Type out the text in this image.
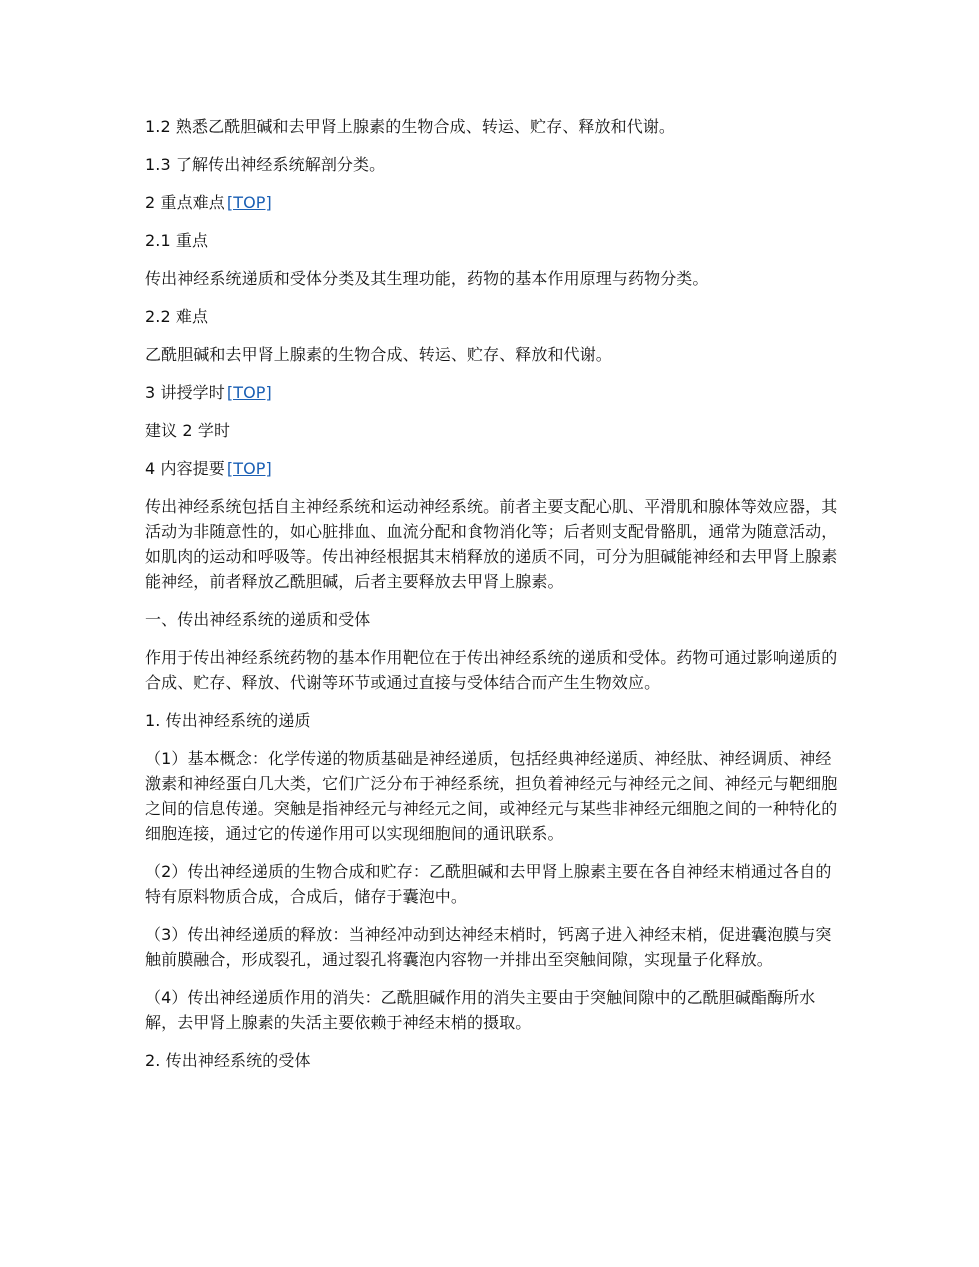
1.2 熟悉乙酰胆碱和去甲肾上腺素的生物合成、转运、贮存、释放和代谢。

1.3 了解传出神经系统解剖分类。

2 重点难点 [TOP]

2.1 重点

传出神经系统递质和受体分类及其生理功能，药物的基本作用原理与药物分类。

2.2 难点

乙酰胆碱和去甲肾上腺素的生物合成、转运、贮存、释放和代谢。

3 讲授学时 [TOP]

建议 2 学时

4 内容提要 [TOP]

传出神经系统包括自主神经系统和运动神经系统。前者主要支配心肌、平滑肌和腺体等效应器，其活动为非随意性的，如心脏排血、血流分配和食物消化等；后者则支配骨骼肌，通常为随意活动，如肌肉的运动和呼吸等。传出神经根据其末梢释放的递质不同，可分为胆碱能神经和去甲肾上腺素能神经，前者释放乙酰胆碱，后者主要释放去甲肾上腺素。

一、传出神经系统的递质和受体

作用于传出神经系统药物的基本作用靶位在于传出神经系统的递质和受体。药物可通过影响递质的合成、贮存、释放、代谢等环节或通过直接与受体结合而产生生物效应。

1. 传出神经系统的递质

（1）基本概念：化学传递的物质基础是神经递质，包括经典神经递质、神经肽、神经调质、神经激素和神经蛋白几大类，它们广泛分布于神经系统，担负着神经元与神经元之间、神经元与靶细胞之间的信息传递。突触是指神经元与神经元之间，或神经元与某些非神经元细胞之间的一种特化的细胞连接，通过它的传递作用可以实现细胞间的通讯联系。

（2）传出神经递质的生物合成和贮存：乙酰胆碱和去甲肾上腺素主要在各自神经末梢通过各自的特有原料物质合成，合成后，储存于囊泡中。

（3）传出神经递质的释放：当神经冲动到达神经末梢时，钙离子进入神经末梢，促进囊泡膜与突触前膜融合，形成裂孔，通过裂孔将囊泡内容物一并排出至突触间隙，实现量子化释放。

（4）传出神经递质作用的消失：乙酰胆碱作用的消失主要由于突触间隙中的乙酰胆碱酯酶所水解，去甲肾上腺素的失活主要依赖于神经末梢的摄取。

2. 传出神经系统的受体
